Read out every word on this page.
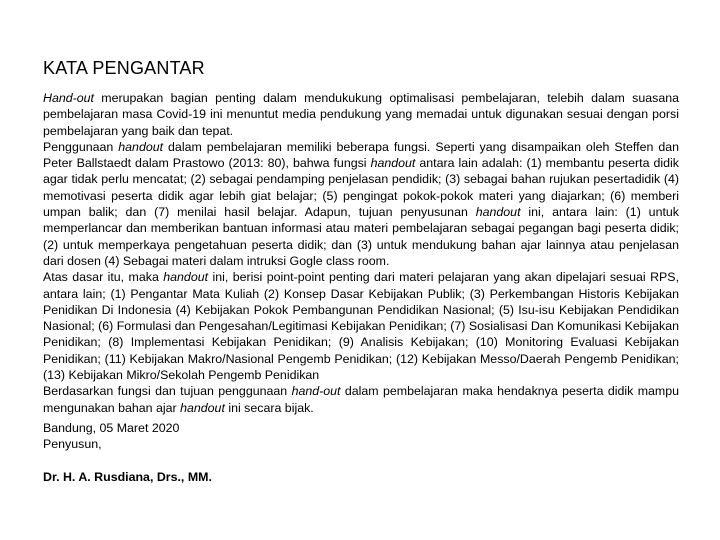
KATA PENGANTAR

Hand-out merupakan bagian penting dalam mendukukung optimalisasi pembelajaran, telebih dalam suasana pembelajaran masa Covid-19 ini menuntut media pendukung yang memadai untuk digunakan sesuai dengan porsi pembelajaran yang baik dan tepat.

Penggunaan handout dalam pembelajaran memiliki beberapa fungsi. Seperti yang disampaikan oleh Steffen dan Peter Ballstaedt dalam Prastowo (2013: 80), bahwa fungsi handout antara lain adalah: (1) membantu peserta didik agar tidak perlu mencatat; (2) sebagai pendamping penjelasan pendidik; (3) sebagai bahan rujukan pesertadidik (4) memotivasi peserta didik agar lebih giat belajar; (5) pengingat pokok-pokok materi yang diajarkan; (6) memberi umpan balik; dan (7) menilai hasil belajar. Adapun, tujuan penyusunan handout ini, antara lain: (1) untuk memperlancar dan memberikan bantuan informasi atau materi pembelajaran sebagai pegangan bagi peserta didik; (2) untuk memperkaya pengetahuan peserta didik; dan (3) untuk mendukung bahan ajar lainnya atau penjelasan dari dosen (4) Sebagai materi dalam intruksi Gogle class room.

Atas dasar itu, maka handout ini, berisi point-point penting dari materi pelajaran yang akan dipelajari sesuai RPS, antara lain; (1) Pengantar Mata Kuliah (2) Konsep Dasar Kebijakan Publik; (3) Perkembangan Historis Kebijakan Penidikan Di Indonesia (4) Kebijakan Pokok Pembangunan Pendidikan Nasional; (5) Isu-isu Kebijakan Pendidikan Nasional; (6) Formulasi dan Pengesahan/Legitimasi Kebijakan Penidikan; (7) Sosialisasi Dan Komunikasi Kebijakan Penidikan; (8) Implementasi Kebijakan Penidikan; (9) Analisis Kebijakan; (10) Monitoring Evaluasi Kebijakan Penidikan; (11) Kebijakan Makro/Nasional Pengemb Penidikan; (12) Kebijakan Messo/Daerah Pengemb Penidikan; (13) Kebijakan Mikro/Sekolah Pengemb Penidikan

Berdasarkan fungsi dan tujuan penggunaan hand-out dalam pembelajaran maka hendaknya peserta didik mampu mengunakan bahan ajar handout ini secara bijak.

Bandung, 05 Maret 2020
Penyusun,
Dr. H. A. Rusdiana, Drs., MM.
